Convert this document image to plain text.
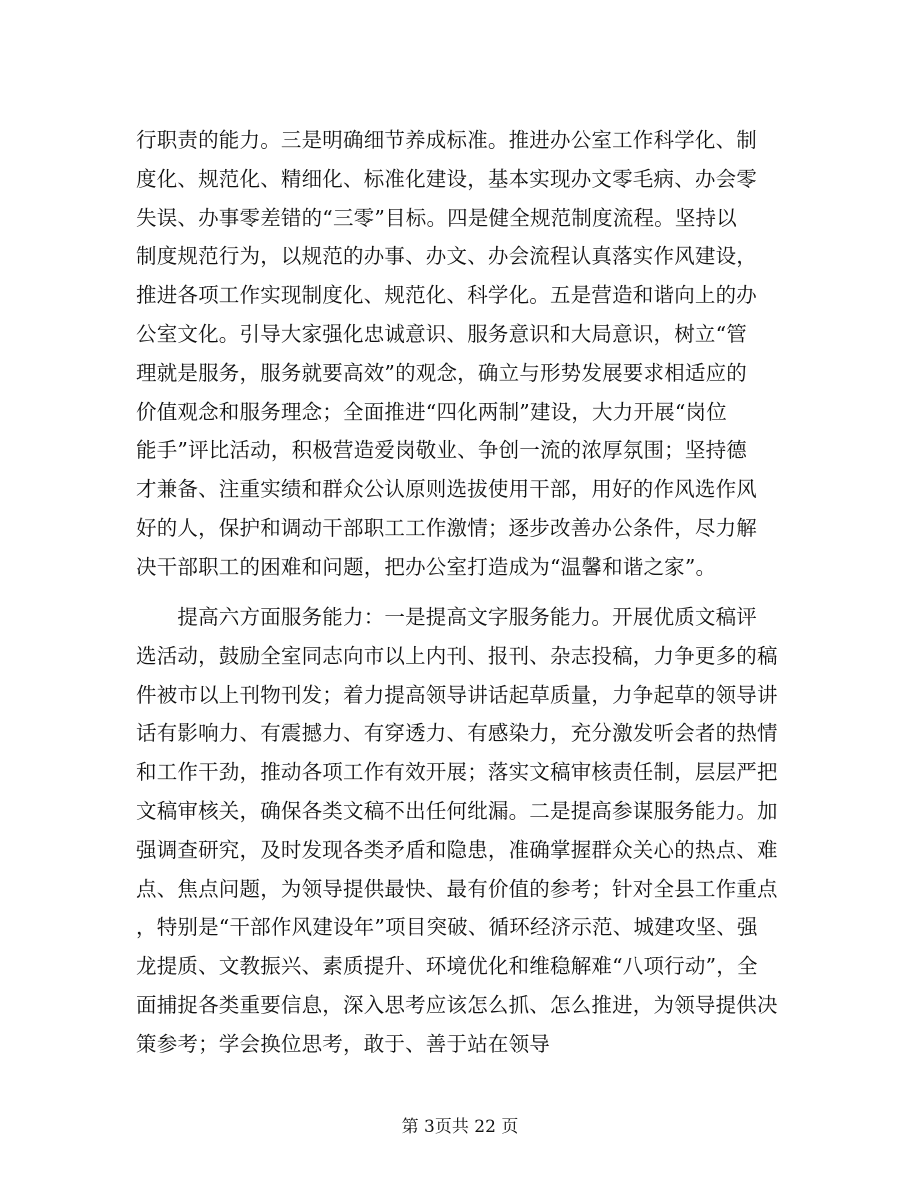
行职责的能力。三是明确细节养成标准。推进办公室工作科学化、制
度化、规范化、精细化、标准化建设，基本实现办文零毛病、办会零
失误、办事零差错的“三零”目标。四是健全规范制度流程。坚持以
制度规范行为，以规范的办事、办文、办会流程认真落实作风建设，
推进各项工作实现制度化、规范化、科学化。五是营造和谐向上的办
公室文化。引导大家强化忠诚意识、服务意识和大局意识，树立“管
理就是服务，服务就要高效”的观念，确立与形势发展要求相适应的
价值观念和服务理念；全面推进“四化两制”建设，大力开展“岗位
能手”评比活动，积极营造爱岗敬业、争创一流的浓厚氛围；坚持德
才兼备、注重实绩和群众公认原则选拔使用干部，用好的作风选作风
好的人，保护和调动干部职工工作激情；逐步改善办公条件，尽力解
决干部职工的困难和问题，把办公室打造成为“温馨和谐之家”。
　　提高六方面服务能力：一是提高文字服务能力。开展优质文稿评
选活动，鼓励全室同志向市以上内刊、报刊、杂志投稿，力争更多的稿
件被市以上刊物刊发；着力提高领导讲话起草质量，力争起草的领导讲
话有影响力、有震撼力、有穿透力、有感染力，充分激发听会者的热情
和工作干劲，推动各项工作有效开展；落实文稿审核责任制，层层严把
文稿审核关，确保各类文稿不出任何纰漏。二是提高参谋服务能力。加
强调查研究，及时发现各类矛盾和隐患，准确掌握群众关心的热点、难
点、焦点问题，为领导提供最快、最有价值的参考；针对全县工作重点
，特别是“干部作风建设年”项目突破、循环经济示范、城建攻坚、强
龙提质、文教振兴、素质提升、环境优化和维稳解难“八项行动”，全
面捕捉各类重要信息，深入思考应该怎么抓、怎么推进，为领导提供决
策参考；学会换位思考，敢于、善于站在领导
第 3页共 22 页
